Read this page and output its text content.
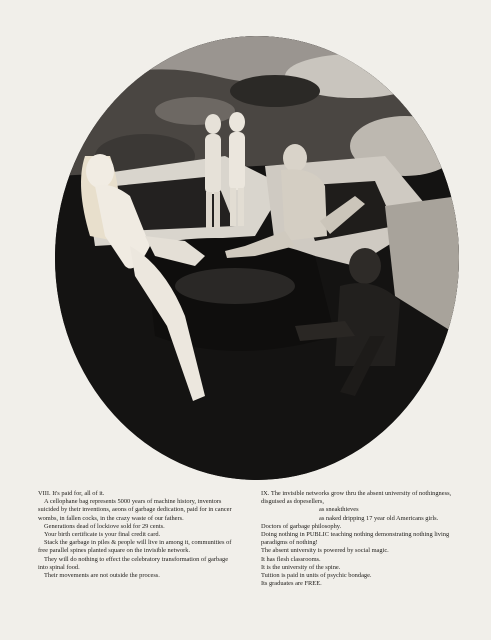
VIII. It's paid for, all of it.

A cellophane bag represents 5000 years of machine history, inventors suicided by their inventions, aeons of garbage dedication, paid for in cancer wombs, in fallen cocks, in the crazy waste of our fathers.

Generations dead of lockiove sold for 29 cents.

Your birth certificate is your final credit card.

Stack the garbage in piles & people will live in among it, communities of free parallel spines planted square on the invisible network.

They will do nothing to effect the celebratory transformation of garbage into spinal food.

Their movements are not outside the process.

IX. The invisible networks grow thru the absent university of nothingness, disguised as dopesellers,

as sneakthieves

as naked dripping 17 year old Americans girls.

Doctors of garbage philosophy.

Doing nothing in PUBLIC teaching nothing demonstrating nothing living paradigms of nothing!

The absent university is powered by social magic.

It has flesh classrooms.

It is the university of the spine.

Tuition is paid in units of psychic bondage.

Its graduates are FREE.
